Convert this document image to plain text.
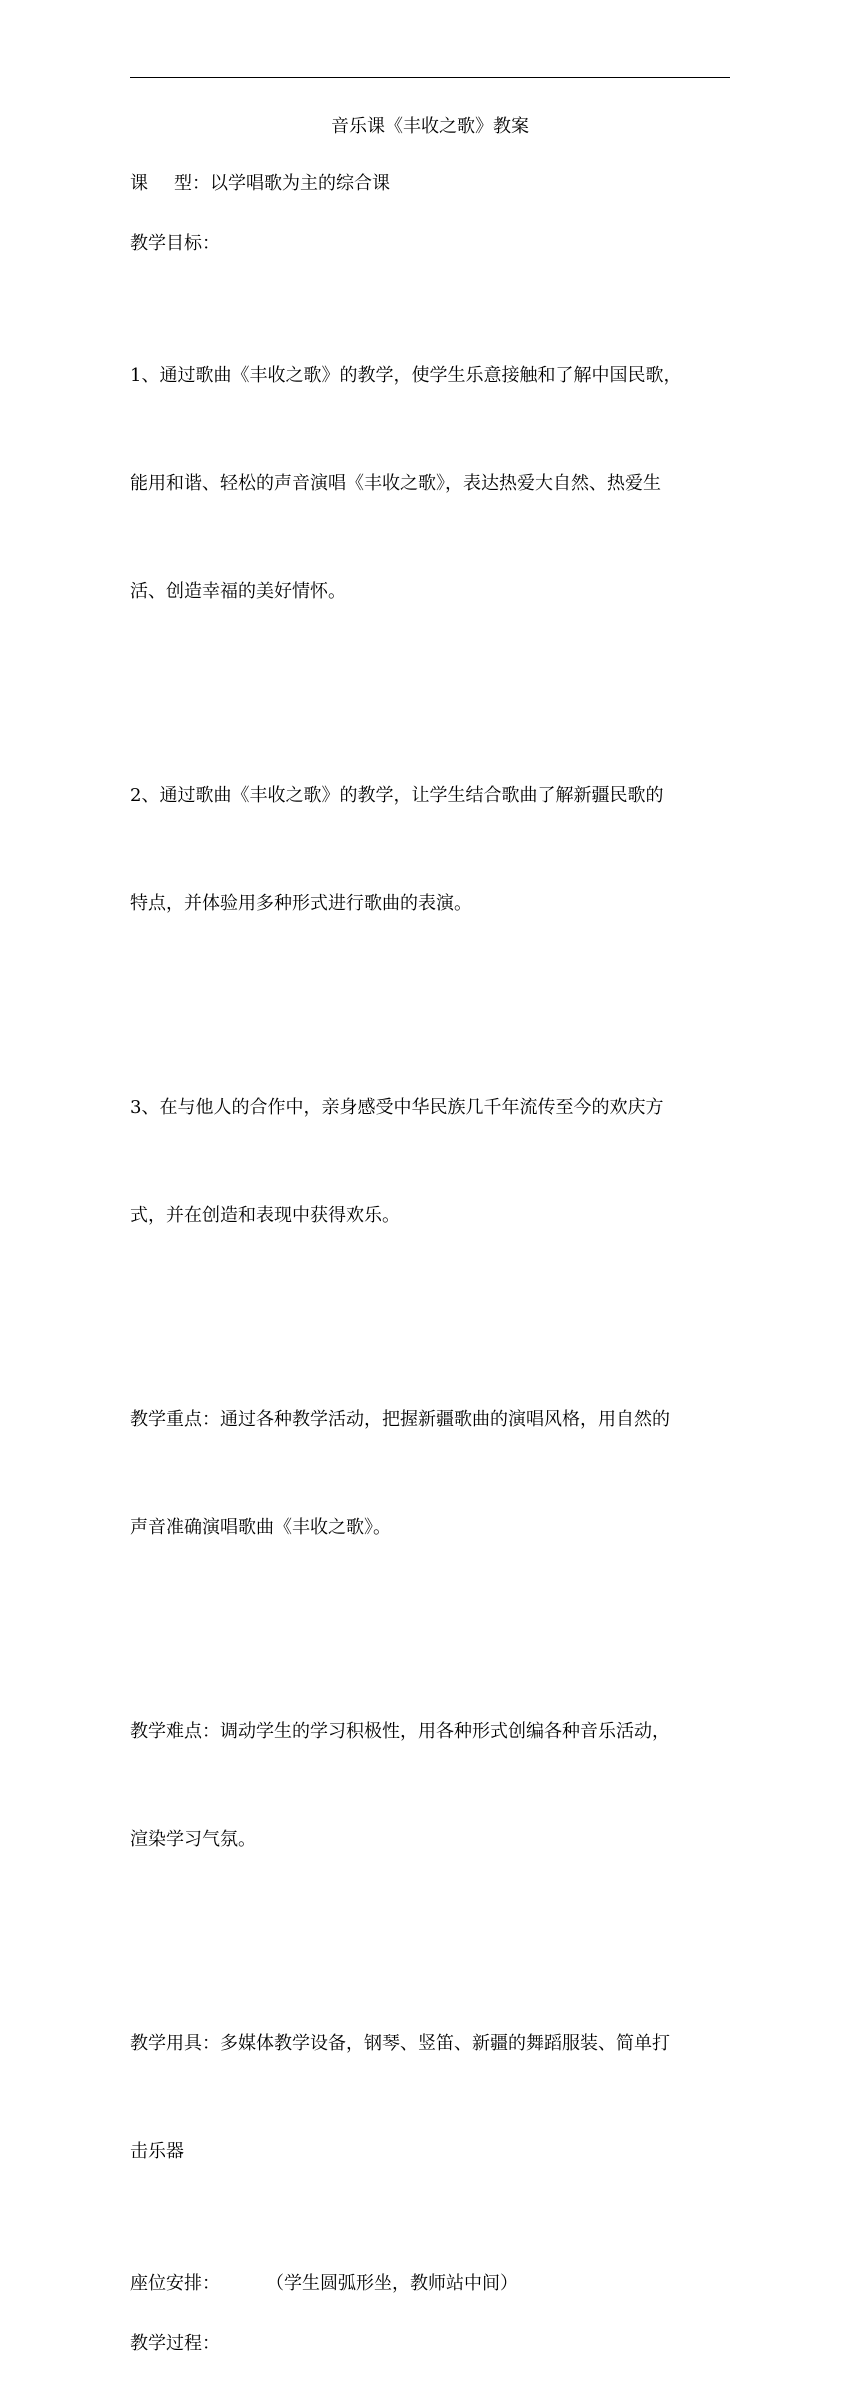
音乐课《丰收之歌》教案
课 型：以学唱歌为主的综合课
教学目标：

1、通过歌曲《丰收之歌》的教学，使学生乐意接触和了解中国民歌，

能用和谐、轻松的声音演唱《丰收之歌》，表达热爱大自然、热爱生

活、创造幸福的美好情怀。

2、通过歌曲《丰收之歌》的教学，让学生结合歌曲了解新疆民歌的

特点，并体验用多种形式进行歌曲的表演。

3、在与他人的合作中，亲身感受中华民族几千年流传至今的欢庆方

式，并在创造和表现中获得欢乐。

教学重点：通过各种教学活动，把握新疆歌曲的演唱风格，用自然的

声音准确演唱歌曲《丰收之歌》。

教学难点：调动学生的学习积极性，用各种形式创编各种音乐活动，

渲染学习气氛。

教学用具：多媒体教学设备，钢琴、竖笛、新疆的舞蹈服装、简单打

击乐器

座位安排：	（学生圆弧形坐，教师站中间）
教学过程：
